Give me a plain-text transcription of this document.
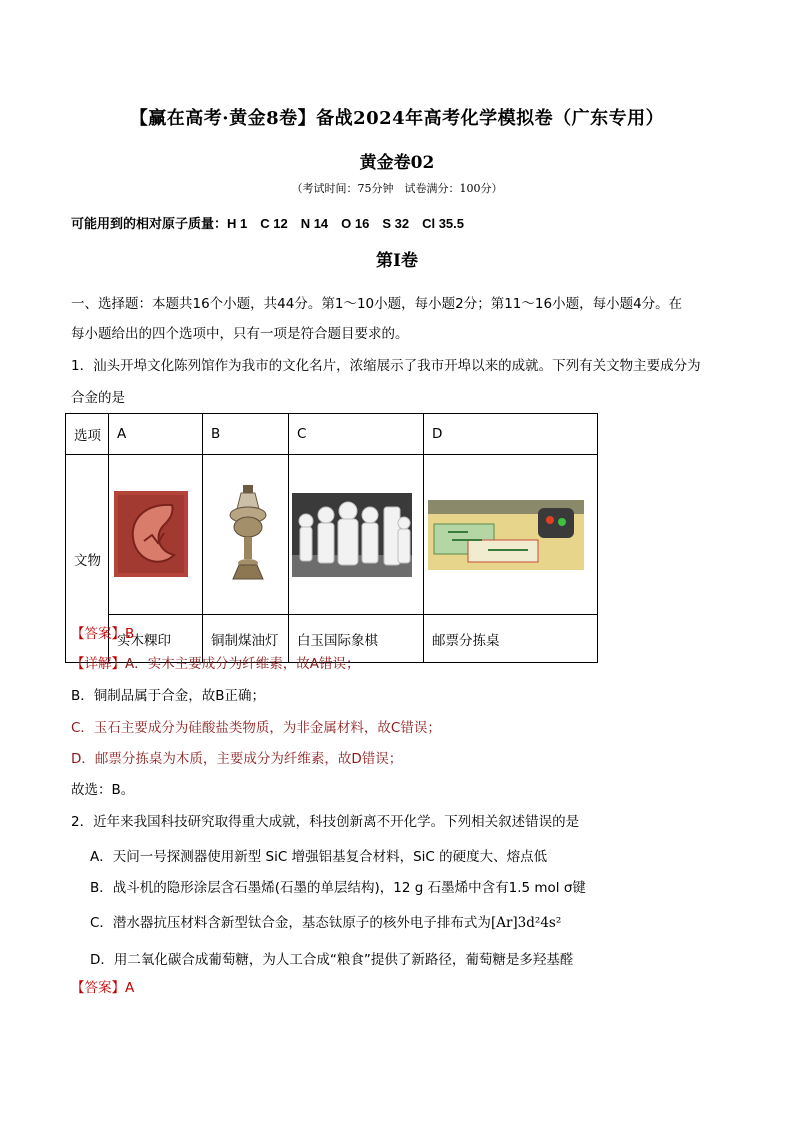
【赢在高考·黄金8卷】备战2024年高考化学模拟卷（广东专用）
黄金卷02
（考试时间：75分钟　试卷满分：100分）
可能用到的相对原子质量：H 1　C 12　N 14　O 16　S 32　Cl 35.5
第Ⅰ卷
一、选择题：本题共16个小题，共44分。第1～10小题，每小题2分；第11～16小题，每小题4分。在
每小题给出的四个选项中，只有一项是符合题目要求的。
1．汕头开埠文化陈列馆作为我市的文化名片，浓缩展示了我市开埠以来的成就。下列有关文物主要成分为
合金的是
选项	A	B	C	D
文物	

	实木粿印	铜制煤油灯	白玉国际象棋	邮票分拣桌
【答案】B
【详解】A．实木主要成分为纤维素，故A错误；
B．铜制品属于合金，故B正确；
C．玉石主要成分为硅酸盐类物质，为非金属材料，故C错误；
D．邮票分拣桌为木质，主要成分为纤维素，故D错误；
故选：B。
2．近年来我国科技研究取得重大成就，科技创新离不开化学。下列相关叙述错误的是
A．天问一号探测器使用新型 SiC 增强铝基复合材料，SiC 的硬度大、熔点低
B．战斗机的隐形涂层含石墨烯(石墨的单层结构)，12 g 石墨烯中含有1.5 mol σ键
C．潜水器抗压材料含新型钛合金，基态钛原子的核外电子排布式为[Ar]3d²4s²
D．用二氧化碳合成葡萄糖，为人工合成“粮食”提供了新路径，葡萄糖是多羟基醛
【答案】A
